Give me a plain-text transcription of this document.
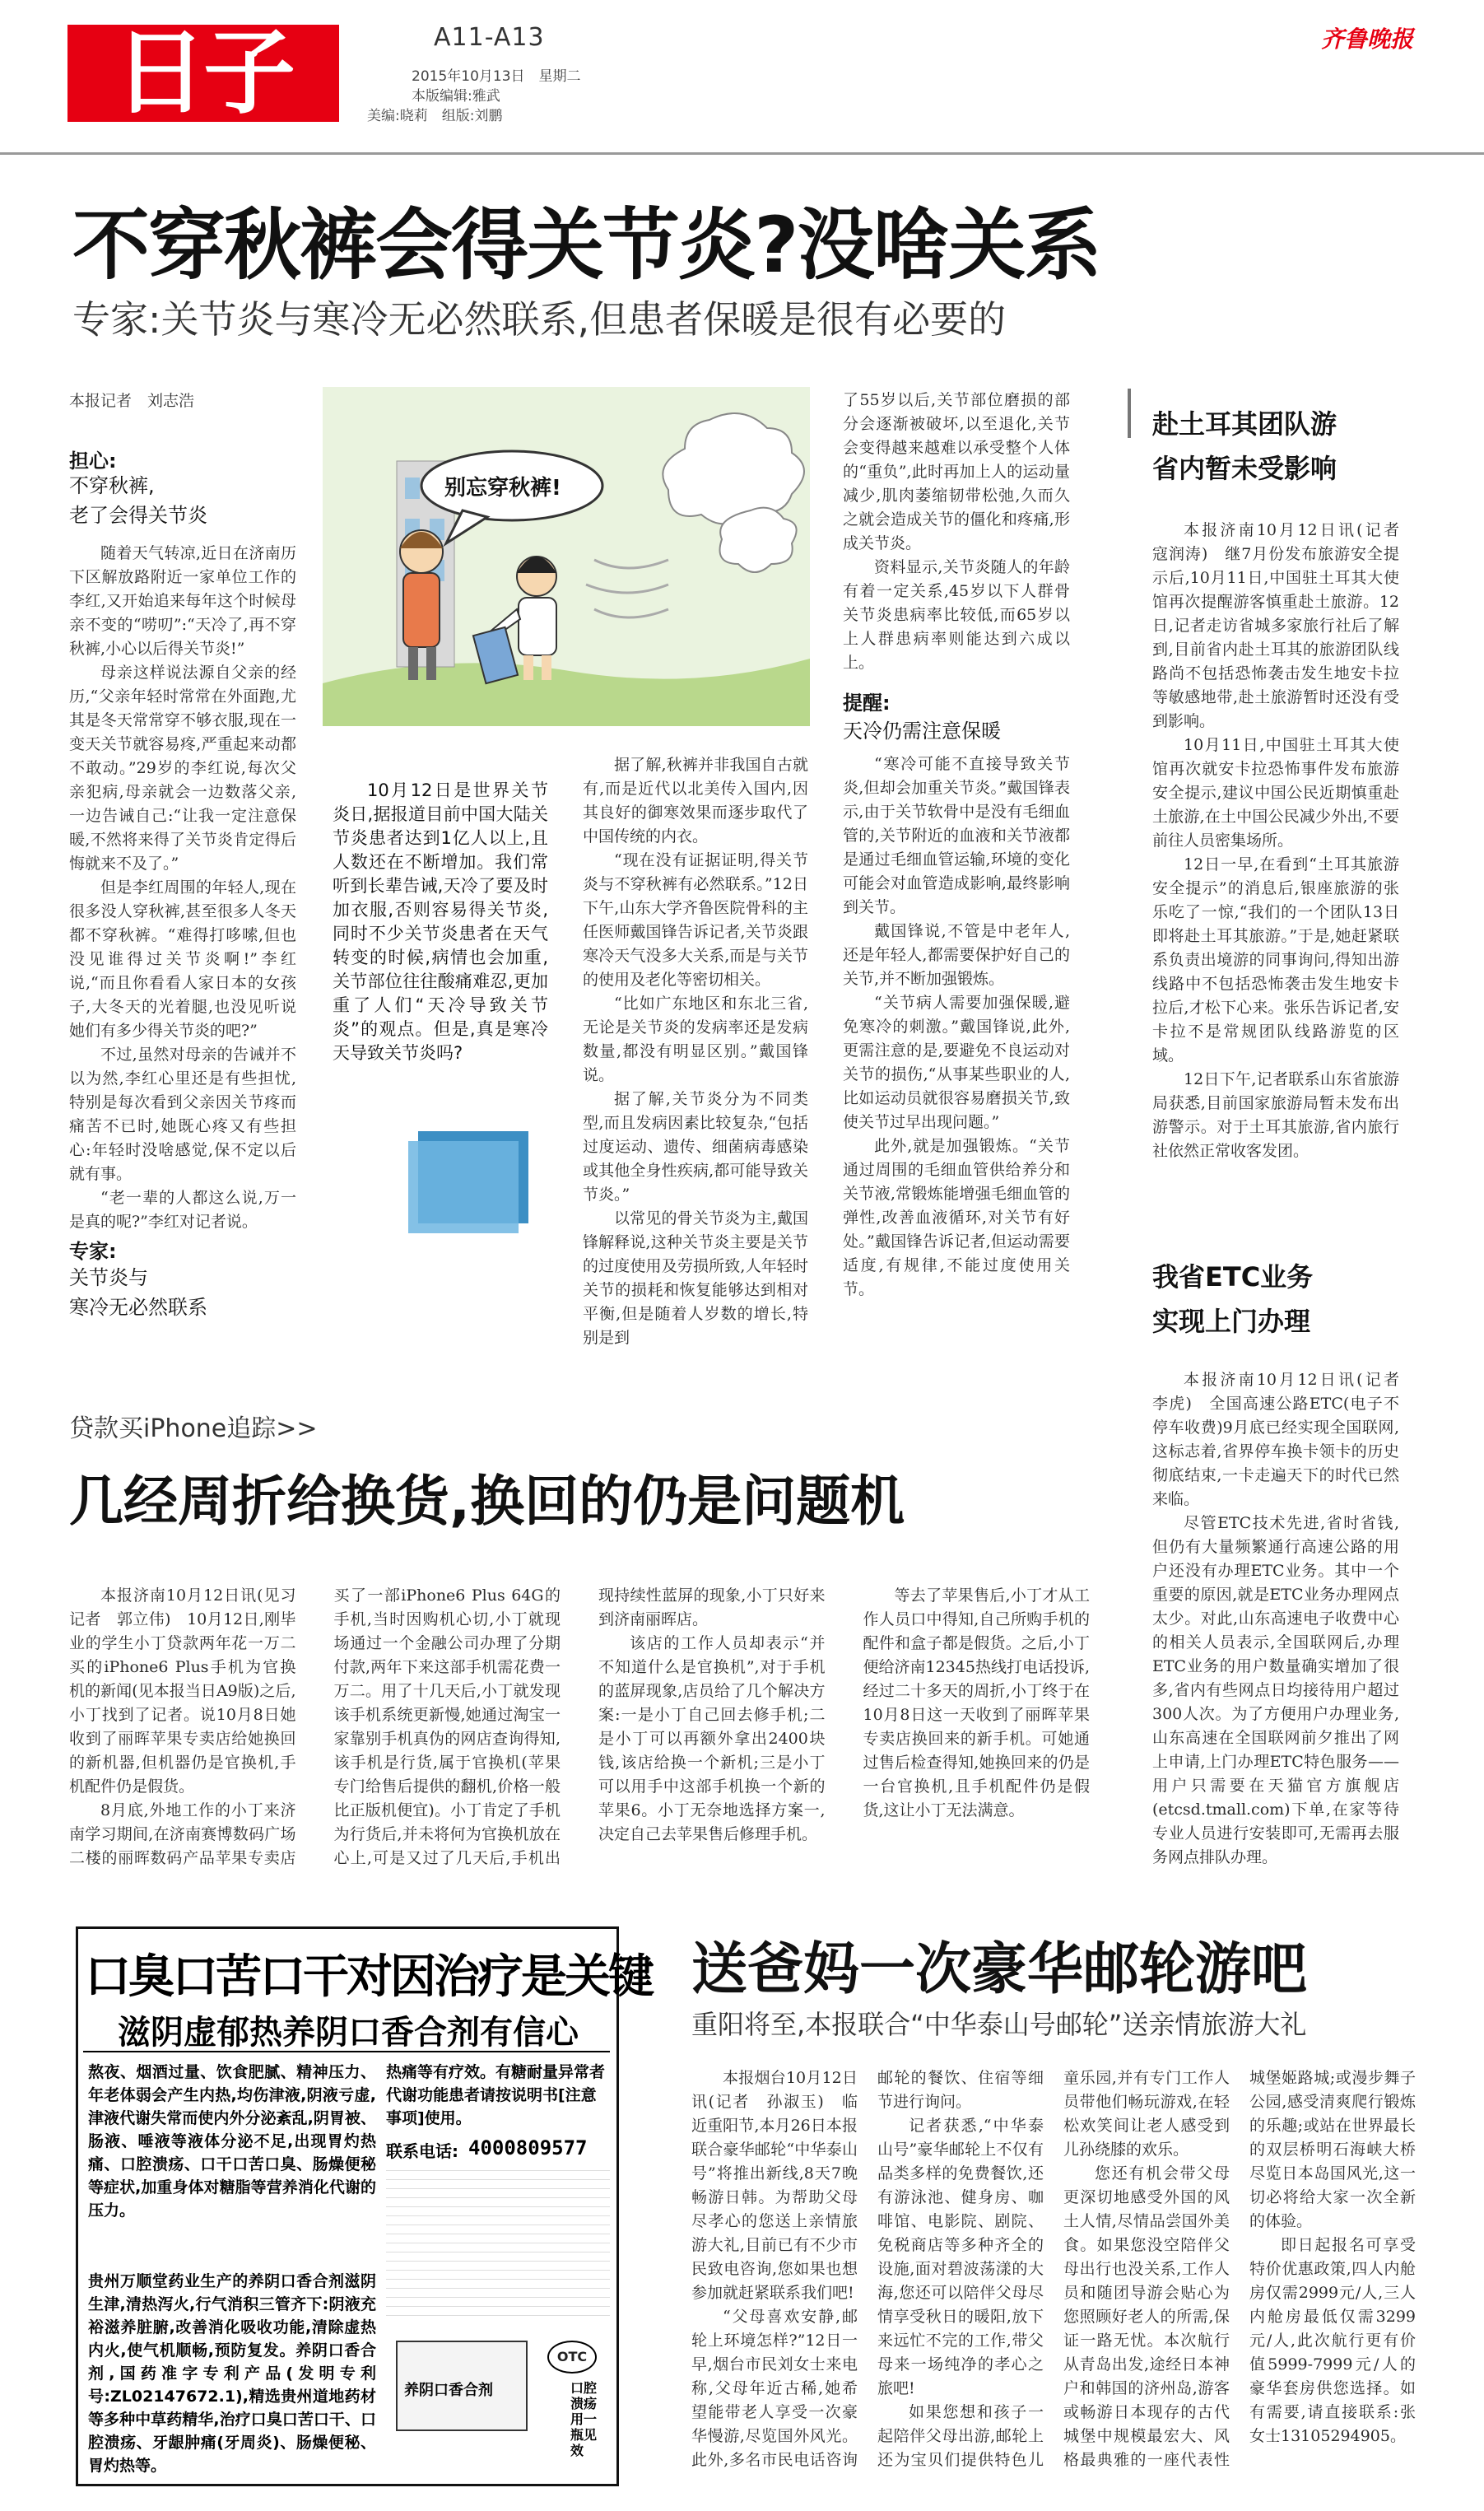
日子	A11-A13
2015年10月13日　星期二
本版编辑:雅武
美编:晓莉　组版:刘鹏
齐鲁晚报
不穿秋裤会得关节炎?没啥关系
专家:关节炎与寒冷无必然联系,但患者保暖是很有必要的
本报记者　刘志浩
担心:
不穿秋裤,
老了会得关节炎

随着天气转凉,近日在济南历下区解放路附近一家单位工作的李红,又开始追来每年这个时候母亲不变的“唠叨”:“天冷了,再不穿秋裤,小心以后得关节炎!”

母亲这样说法源自父亲的经历,“父亲年轻时常常在外面跑,尤其是冬天常常穿不够衣服,现在一变天关节就容易疼,严重起来动都不敢动。”29岁的李红说,每次父亲犯病,母亲就会一边数落父亲,一边告诫自己:“让我一定注意保暖,不然将来得了关节炎肯定得后悔就来不及了。”

但是李红周围的年轻人,现在很多没人穿秋裤,甚至很多人冬天都不穿秋裤。“难得打哆嗦,但也没见谁得过关节炎啊!”李红说,“而且你看看人家日本的女孩子,大冬天的光着腿,也没见听说她们有多少得关节炎的吧?”

不过,虽然对母亲的告诫并不以为然,李红心里还是有些担忧,特别是每次看到父亲因关节疼而痛苦不已时,她既心疼又有些担心:年轻时没啥感觉,保不定以后就有事。

“老一辈的人都这么说,万一是真的呢?”李红对记者说。

专家:
关节炎与
寒冷无必然联系
别忘穿秋裤!
10月12日是世界关节炎日,据报道目前中国大陆关节炎患者达到1亿人以上,且人数还在不断增加。我们常听到长辈告诫,天冷了要及时加衣服,否则容易得关节炎,同时不少关节炎患者在天气转变的时候,病情也会加重,关节部位往往酸痛难忍,更加重了人们“天冷导致关节炎”的观点。但是,真是寒冷天导致关节炎吗?

据了解,秋裤并非我国自古就有,而是近代以北美传入国内,因其良好的御寒效果而逐步取代了中国传统的内衣。

“现在没有证据证明,得关节炎与不穿秋裤有必然联系。”12日下午,山东大学齐鲁医院骨科的主任医师戴国锋告诉记者,关节炎跟寒冷天气没多大关系,而是与关节的使用及老化等密切相关。

“比如广东地区和东北三省,无论是关节炎的发病率还是发病数量,都没有明显区别。”戴国锋说。

据了解,关节炎分为不同类型,而且发病因素比较复杂,“包括过度运动、遗传、细菌病毒感染或其他全身性疾病,都可能导致关节炎。”

以常见的骨关节炎为主,戴国锋解释说,这种关节炎主要是关节的过度使用及劳损所致,人年轻时关节的损耗和恢复能够达到相对平衡,但是随着人岁数的增长,特别是到

了55岁以后,关节部位磨损的部分会逐渐被破坏,以至退化,关节会变得越来越难以承受整个人体的“重负”,此时再加上人的运动量减少,肌肉萎缩韧带松弛,久而久之就会造成关节的僵化和疼痛,形成关节炎。

资料显示,关节炎随人的年龄有着一定关系,45岁以下人群骨关节炎患病率比较低,而65岁以上人群患病率则能达到六成以上。

提醒:
天冷仍需注意保暖

“寒冷可能不直接导致关节炎,但却会加重关节炎。”戴国锋表示,由于关节软骨中是没有毛细血管的,关节附近的血液和关节液都是通过毛细血管运输,环境的变化可能会对血管造成影响,最终影响到关节。

戴国锋说,不管是中老年人,还是年轻人,都需要保护好自己的关节,并不断加强锻炼。

“关节病人需要加强保暖,避免寒冷的刺激。”戴国锋说,此外,更需注意的是,要避免不良运动对关节的损伤,“从事某些职业的人,比如运动员就很容易磨损关节,致使关节过早出现问题。”

此外,就是加强锻炼。“关节通过周围的毛细血管供给养分和关节液,常锻炼能增强毛细血管的弹性,改善血液循环,对关节有好处。”戴国锋告诉记者,但运动需要适度,有规律,不能过度使用关节。

赴土耳其团队游
省内暂未受影响

本报济南10月12日讯(记者　寇润涛)　继7月份发布旅游安全提示后,10月11日,中国驻土耳其大使馆再次提醒游客慎重赴土旅游。12日,记者走访省城多家旅行社后了解到,目前省内赴土耳其的旅游团队线路尚不包括恐怖袭击发生地安卡拉等敏感地带,赴土旅游暂时还没有受到影响。

10月11日,中国驻土耳其大使馆再次就安卡拉恐怖事件发布旅游安全提示,建议中国公民近期慎重赴土旅游,在土中国公民减少外出,不要前往人员密集场所。

12日一早,在看到“土耳其旅游安全提示”的消息后,银座旅游的张乐吃了一惊,“我们的一个团队13日即将赴土耳其旅游。”于是,她赶紧联系负责出境游的同事询问,得知出游线路中不包括恐怖袭击发生地安卡拉后,才松下心来。张乐告诉记者,安卡拉不是常规团队线路游览的区域。

12日下午,记者联系山东省旅游局获悉,目前国家旅游局暂未发布出游警示。对于土耳其旅游,省内旅行社依然正常收客发团。

我省ETC业务
实现上门办理

本报济南10月12日讯(记者　李虎)　全国高速公路ETC(电子不停车收费)9月底已经实现全国联网,这标志着,省界停车换卡领卡的历史彻底结束,一卡走遍天下的时代已然来临。

尽管ETC技术先进,省时省钱,但仍有大量频繁通行高速公路的用户还没有办理ETC业务。其中一个重要的原因,就是ETC业务办理网点太少。对此,山东高速电子收费中心的相关人员表示,全国联网后,办理ETC业务的用户数量确实增加了很多,省内有些网点日均接待用户超过300人次。为了方便用户办理业务,山东高速在全国联网前夕推出了网上申请,上门办理ETC特色服务——用户只需要在天猫官方旗舰店(etcsd.tmall.com)下单,在家等待专业人员进行安装即可,无需再去服务网点排队办理。

贷款买iPhone追踪>>
几经周折给换货,换回的仍是问题机

本报济南10月12日讯(见习记者　郭立伟)　10月12日,刚毕业的学生小丁贷款两年花一万二买的iPhone6 Plus手机为官换机的新闻(见本报当日A9版)之后,小丁找到了记者。说10月8日她收到了丽晖苹果专卖店给她换回的新机器,但机器仍是官换机,手机配件仍是假货。

8月底,外地工作的小丁来济南学习期间,在济南赛博数码广场二楼的丽晖数码产品苹果专卖店买了一部iPhone6 Plus 64G的手机,当时因购机心切,小丁就现场通过一个金融公司办理了分期付款,两年下来这部手机需花费一万二。用了十几天后,小丁就发现该手机系统更新慢,她通过淘宝一家靠别手机真伪的网店查询得知,该手机是行货,属于官换机(苹果专门给售后提供的翻机,价格一般比正版机便宜)。小丁肯定了手机为行货后,并未将何为官换机放在心上,可是又过了几天后,手机出现持续性蓝屏的现象,小丁只好来到济南丽晖店。

该店的工作人员却表示“并不知道什么是官换机”,对于手机的蓝屏现象,店员给了几个解决方案:一是小丁自己回去修手机;二是小丁可以再额外拿出2400块钱,该店给换一个新机;三是小丁可以用手中这部手机换一个新的苹果6。小丁无奈地选择方案一,决定自己去苹果售后修理手机。

等去了苹果售后,小丁才从工作人员口中得知,自己所购手机的配件和盒子都是假货。之后,小丁便给济南12345热线打电话投诉,经过二十多天的周折,小丁终于在10月8日这一天收到了丽晖苹果专卖店换回来的新手机。可她通过售后检查得知,她换回来的仍是一台官换机,且手机配件仍是假货,这让小丁无法满意。

口臭口苦口干对因治疗是关键
滋阴虚郁热养阴口香合剂有信心
熬夜、烟酒过量、饮食肥腻、精神压力、年老体弱会产生内热,均伤津液,阴液亏虚,津液代谢失常而使内外分泌紊乱,阴胃被、肠液、唾液等液体分泌不足,出现胃灼热痛、口腔溃疡、口干口苦口臭、肠燥便秘等症状,加重身体对糖脂等营养消化代谢的压力。
贵州万顺堂药业生产的养阴口香合剂滋阴生津,清热泻火,行气消积三管齐下:阴液充裕滋养脏腑,改善消化吸收功能,清除虚热内火,使气机顺畅,预防复发。养阴口香合剂,国药准字专利产品(发明专利号:ZL02147672.1),精选贵州道地药材等多种中草药精华,治疗口臭口苦口干、口腔溃疡、牙龈肿痛(牙周炎)、肠燥便秘、胃灼热等。
热痛等有疗效。有糖耐量异常者代谢功能患者请按说明书[注意事项]使用。
联系电话: 4000809577
养阴口香合剂
OTC
口腔溃疡用一瓶见效
送爸妈一次豪华邮轮游吧
重阳将至,本报联合“中华泰山号邮轮”送亲情旅游大礼

本报烟台10月12日讯(记者　孙淑玉)　临近重阳节,本月26日本报联合豪华邮轮“中华泰山号”将推出新线,8天7晚畅游日韩。为帮助父母尽孝心的您送上亲情旅游大礼,目前已有不少市民致电咨询,您如果也想参加就赶紧联系我们吧!

“父母喜欢安静,邮轮上环境怎样?”12日一早,烟台市民刘女士来电称,父母年近古稀,她希望能带老人享受一次豪华慢游,尽览国外风光。此外,多名市民电话咨询邮轮的餐饮、住宿等细节进行询问。

记者获悉,“中华泰山号”豪华邮轮上不仅有品类多样的免费餐饮,还有游泳池、健身房、咖啡馆、电影院、剧院、免税商店等多种齐全的设施,面对碧波荡漾的大海,您还可以陪伴父母尽情享受秋日的暖阳,放下来远忙不完的工作,带父母来一场纯净的孝心之旅吧!

如果您想和孩子一起陪伴父母出游,邮轮上还为宝贝们提供特色儿童乐园,并有专门工作人员带他们畅玩游戏,在轻松欢笑间让老人感受到儿孙绕膝的欢乐。

您还有机会带父母更深切地感受外国的风土人情,尽情品尝国外美食。如果您没空陪伴父母出行也没关系,工作人员和随团导游会贴心为您照顾好老人的所需,保证一路无忧。本次航行从青岛出发,途经日本神户和韩国的济州岛,游客或畅游日本现存的古代城堡中规模最宏大、风格最典雅的一座代表性城堡姬路城;或漫步舞子公园,感受清爽爬行锻炼的乐趣;或站在世界最长的双层桥明石海峡大桥尽览日本岛国风光,这一切必将给大家一次全新的体验。

即日起报名可享受特价优惠政策,四人内舱房仅需2999元/人,三人内舱房最低仅需3299元/人,此次航行更有价值5999-7999元/人的豪华套房供您选择。如有需要,请直接联系:张女士13105294905。
